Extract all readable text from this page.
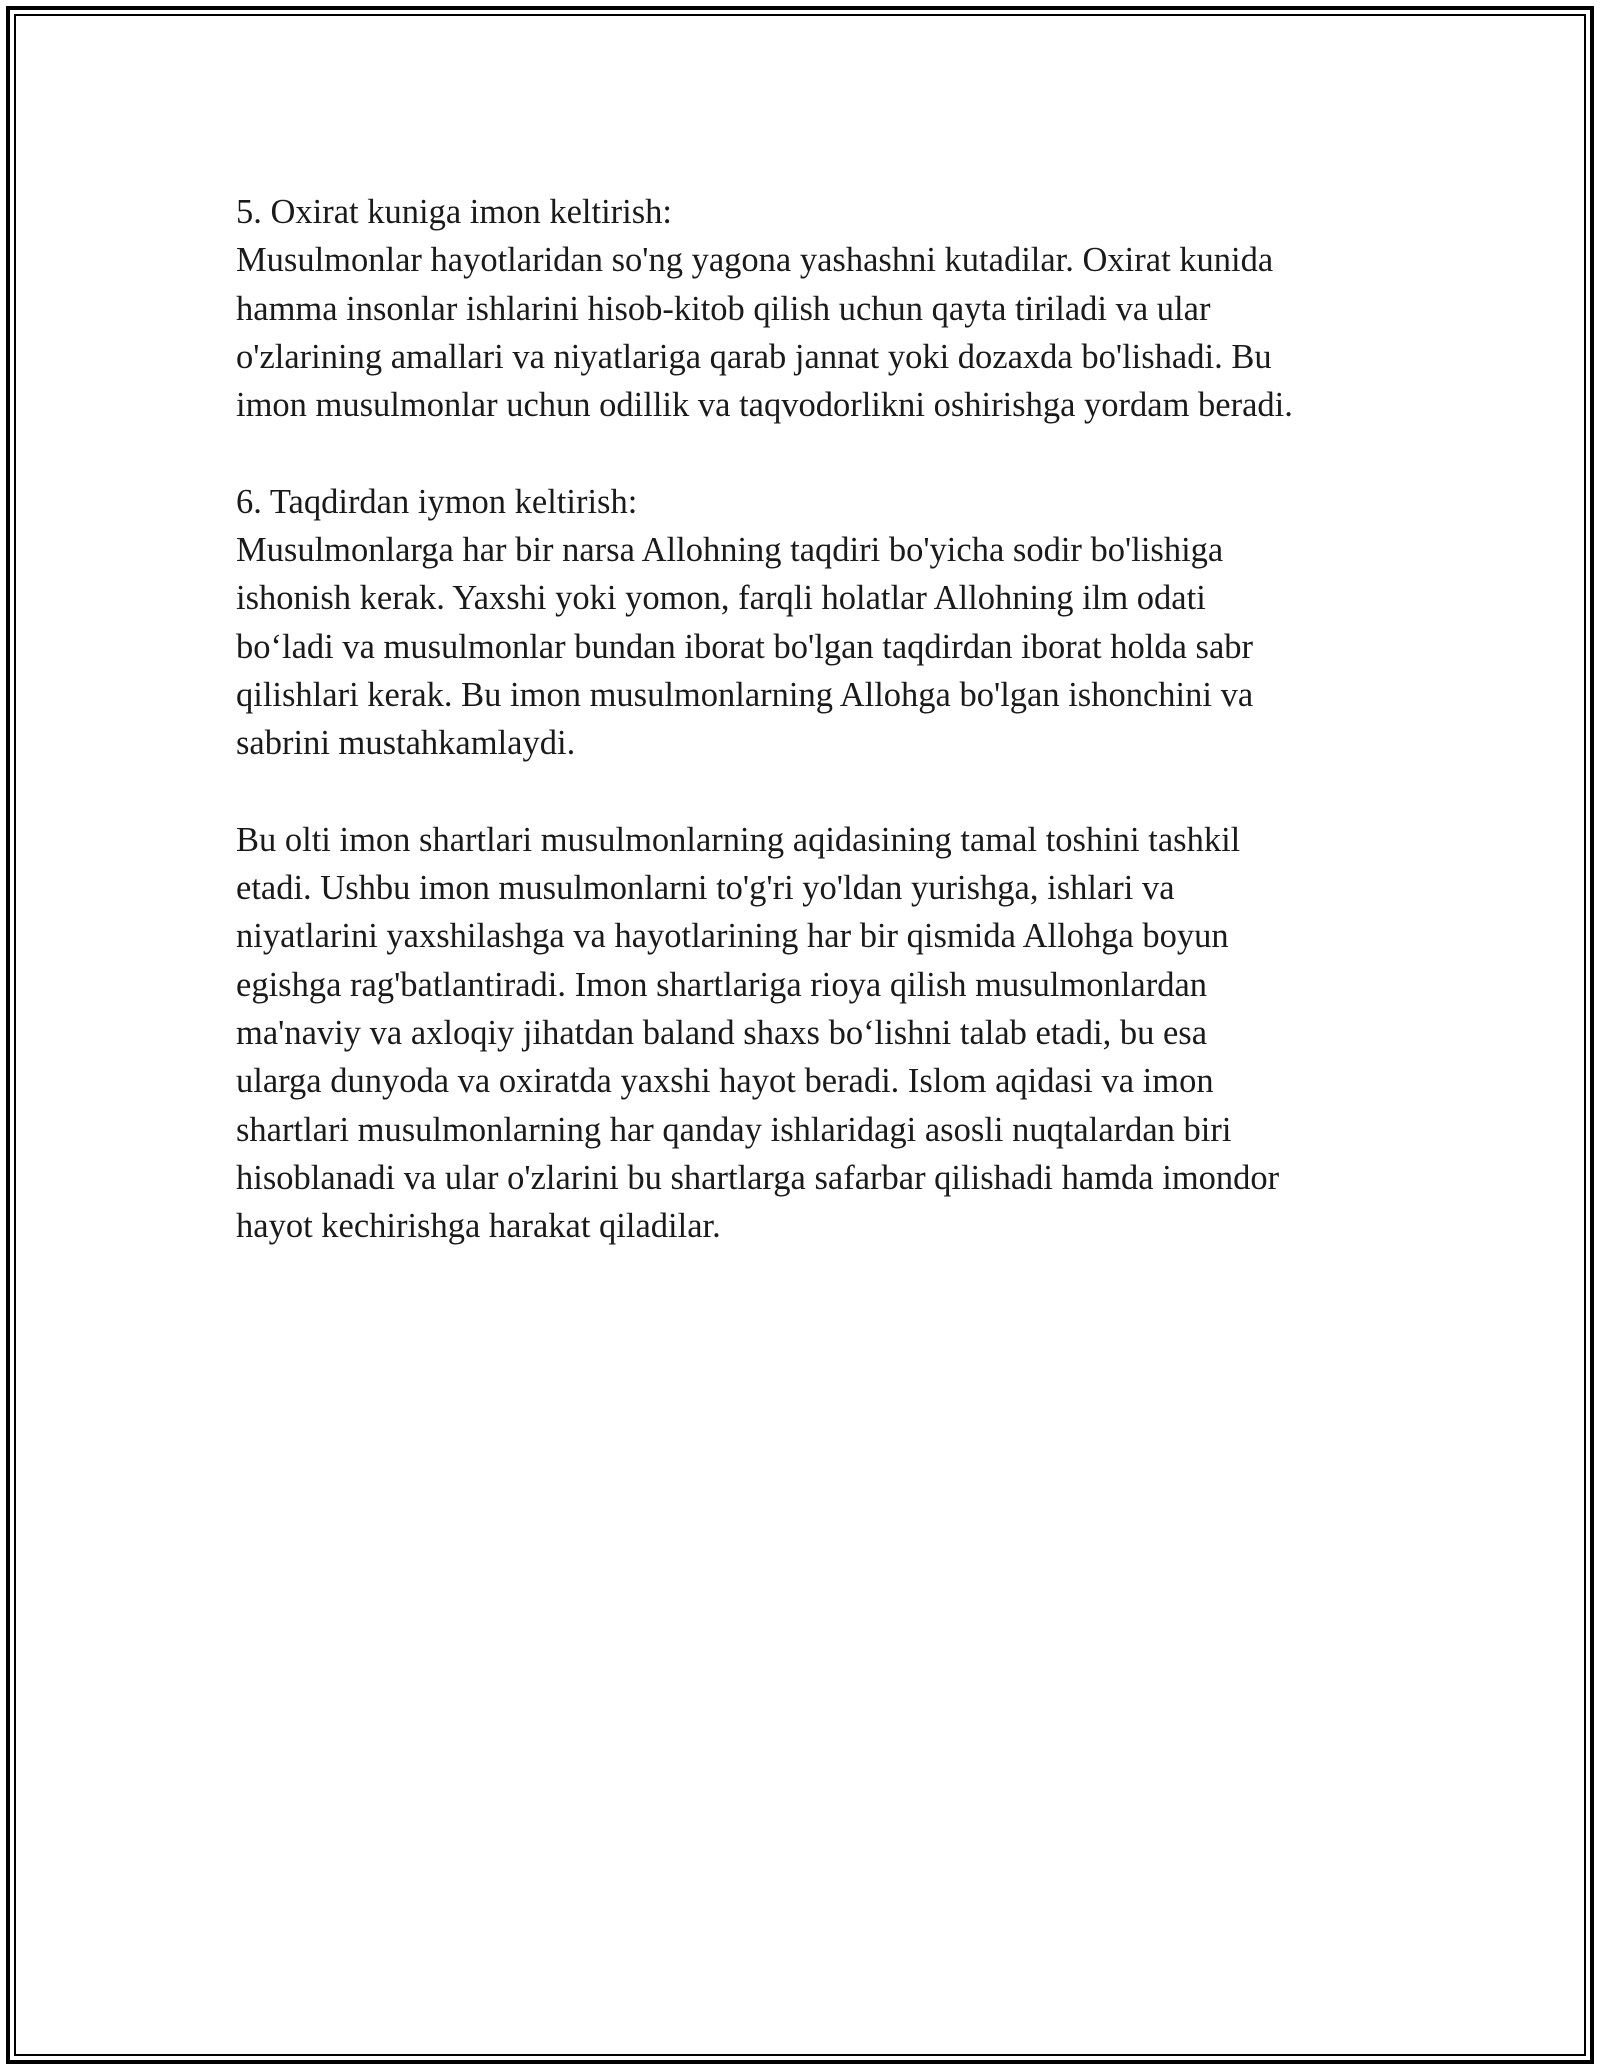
5. Oxirat kuniga imon keltirish:
Musulmonlar hayotlaridan so'ng yagona yashashni kutadilar. Oxirat kunida
hamma insonlar ishlarini hisob-kitob qilish uchun qayta tiriladi va ular
o'zlarining amallari va niyatlariga qarab jannat yoki dozaxda bo'lishadi. Bu
imon musulmonlar uchun odillik va taqvodorlikni oshirishga yordam beradi.
6. Taqdirdan iymon keltirish:
Musulmonlarga har bir narsa Allohning taqdiri bo'yicha sodir bo'lishiga
ishonish kerak. Yaxshi yoki yomon, farqli holatlar Allohning ilm odati
bo‘ladi va musulmonlar bundan iborat bo'lgan taqdirdan iborat holda sabr
qilishlari kerak. Bu imon musulmonlarning Allohga bo'lgan ishonchini va
sabrini mustahkamlaydi.
Bu olti imon shartlari musulmonlarning aqidasining tamal toshini tashkil
etadi. Ushbu imon musulmonlarni to'g'ri yo'ldan yurishga, ishlari va
niyatlarini yaxshilashga va hayotlarining har bir qismida Allohga boyun
egishga rag'batlantiradi. Imon shartlariga rioya qilish musulmonlardan
ma'naviy va axloqiy jihatdan baland shaxs bo‘lishni talab etadi, bu esa
ularga dunyoda va oxiratda yaxshi hayot beradi. Islom aqidasi va imon
shartlari musulmonlarning har qanday ishlaridagi asosli nuqtalardan biri
hisoblanadi va ular o'zlarini bu shartlarga safarbar qilishadi hamda imondor
hayot kechirishga harakat qiladilar.
